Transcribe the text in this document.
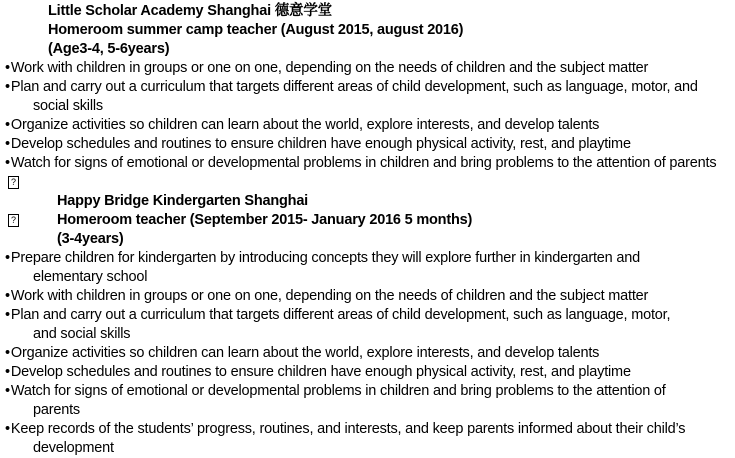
Little Scholar Academy Shanghai 德意学堂
Homeroom summer camp teacher (August 2015, august 2016)
(Age3-4, 5-6years)
•Work with children in groups or one on one, depending on the needs of children and the subject matter
•Plan and carry out a curriculum that targets different areas of child development, such as language, motor, and
social skills
•Organize activities so children can learn about the world, explore interests, and develop talents
•Develop schedules and routines to ensure children have enough physical activity, rest, and playtime
•Watch for signs of emotional or developmental problems in children and bring problems to the attention of parents
?
Happy Bridge Kindergarten Shanghai
?	Homeroom teacher (September 2015- January 2016 5 months)
(3-4years)
•Prepare children for kindergarten by introducing concepts they will explore further in kindergarten and
elementary school
•Work with children in groups or one on one, depending on the needs of children and the subject matter
•Plan and carry out a curriculum that targets different areas of child development, such as language, motor,
and social skills
•Organize activities so children can learn about the world, explore interests, and develop talents
•Develop schedules and routines to ensure children have enough physical activity, rest, and playtime
•Watch for signs of emotional or developmental problems in children and bring problems to the attention of
parents
•Keep records of the students’ progress, routines, and interests, and keep parents informed about their child’s
development
